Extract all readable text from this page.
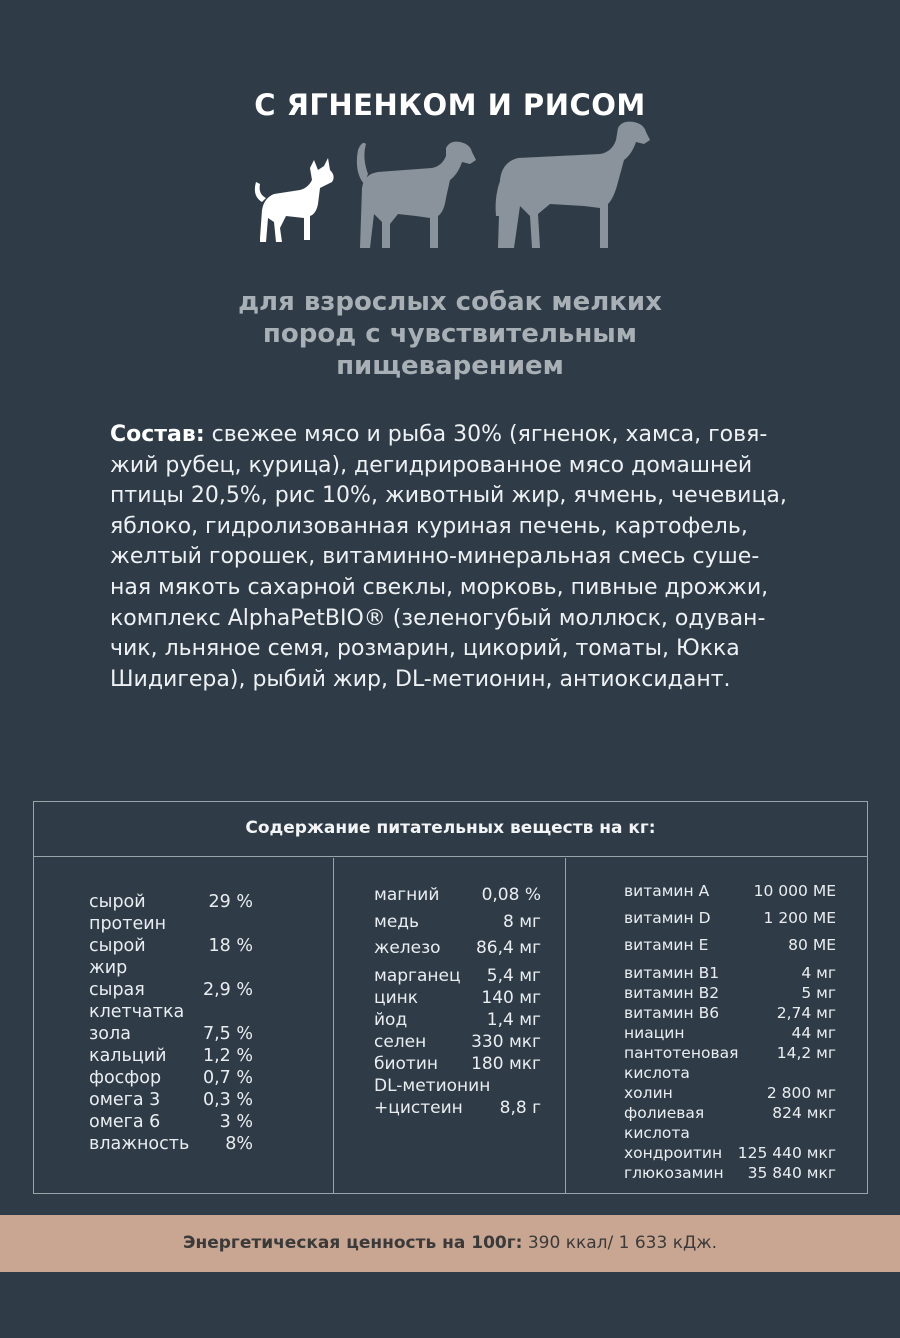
С ЯГНЕНКОМ И РИСОМ
для взрослых собак мелких
пород с чувствительным
пищеварением
Состав: свежее мясо и рыба 30% (ягненок, хамса, говя-
жий рубец, курица), дегидрированное мясо домашней
птицы 20,5%, рис 10%, животный жир, ячмень, чечевица,
яблоко, гидролизованная куриная печень, картофель,
желтый горошек, витаминно-минеральная смесь суше-
ная мякоть сахарной свеклы, морковь, пивные дрожжи,
комплекс AlphaPetBIO® (зеленогубый моллюск, одуван-
чик, льняное семя, розмарин, цикорий, томаты, Юкка
Шидигера), рыбий жир, DL-метионин, антиоксидант.
Содержание питательных веществ на кг:
сырой	29 %
протеин
сырой	18 %
жир
сырая	2,9 %
клетчатка
зола	7,5 %
кальций 1,2 %
фосфор 0,7 %
омега 3 0,3 %
омега 6	3 %
влажность 8%
магний 0,08 %
медь	8 мг
железо 86,4 мг
марганец 5,4 мг
цинк	140 мг
йод	1,4 мг
селен	330 мкг
биотин 180 мкг
DL-метионин
+цистеин 8,8 г
витамин A	10 000 МЕ
витамин D	1 200 МЕ
витамин E	80 МЕ
витамин B1	4 мг
витамин B2	5 мг
витамин B6	2,74 мг
ниацин	44 мг
пантотеновая 14,2 мг
кислота
холин	2 800 мг
фолиевая	824 мкг
кислота
хондроитин 125 440 мкг
глюкозамин 35 840 мкг
Энергетическая ценность на 100г: 390 ккал/ 1 633 кДж.
